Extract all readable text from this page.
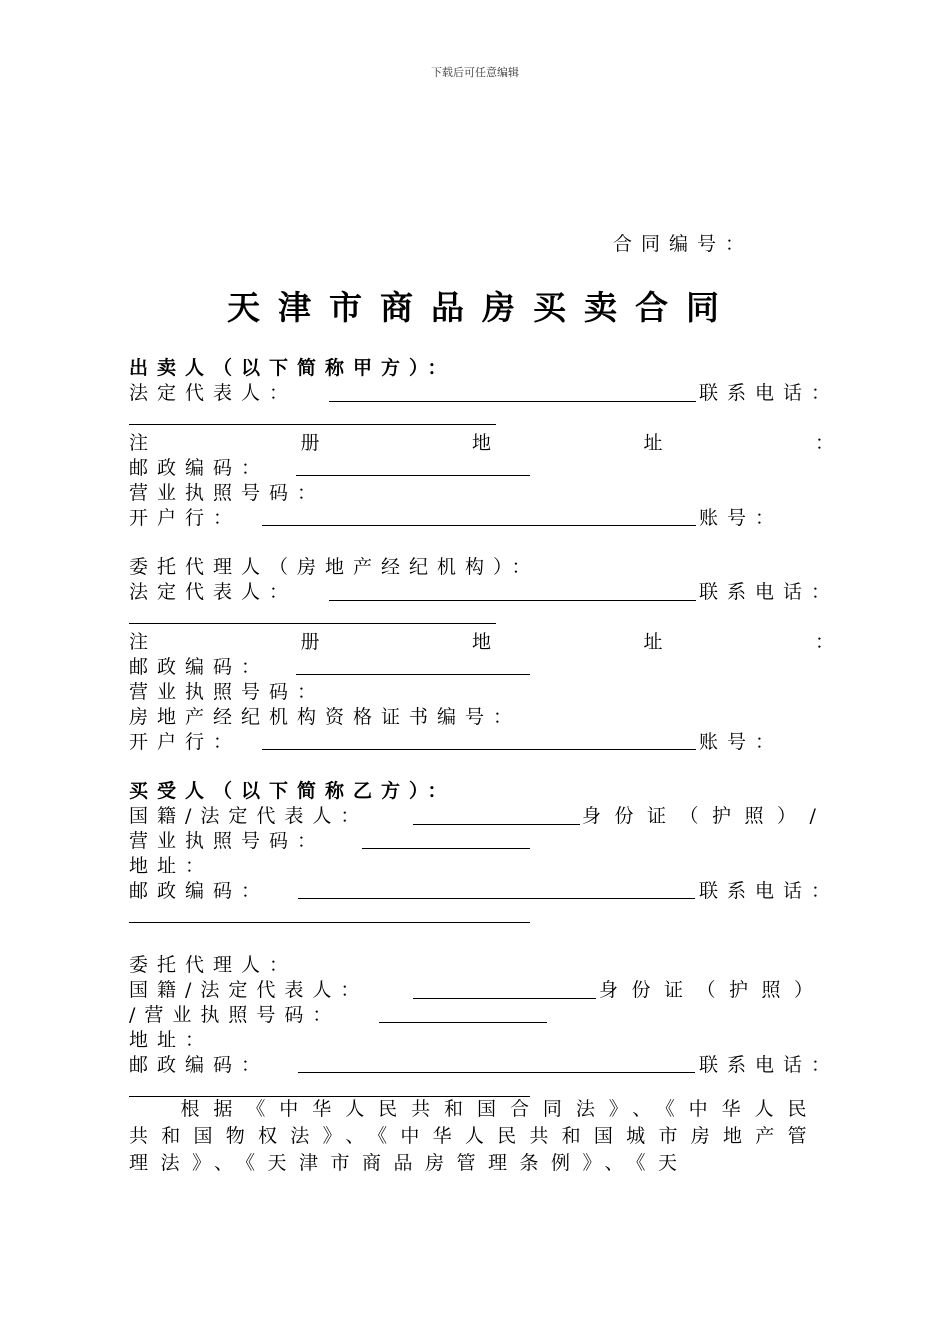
下载后可任意编辑
合同编号：
天津市商品房买卖合同
出卖人（以下简称甲方）：
法定代表人：	联系电话：
注	册	地	址	：
邮政编码：
营业执照号码：
开户行：	账号：
委托代理人（房地产经纪机构）：
法定代表人：	联系电话：
注	册	地	址	：
邮政编码：
营业执照号码：
房地产经纪机构资格证书编号：
开户行：	账号：
买受人（以下简称乙方）：
国籍/法定代表人：	身份证（护照）/
营业执照号码：
地址：
邮政编码：	联系电话：
委托代理人：
国籍/法定代表人：	身份证（护照）
/营业执照号码：
地址：
邮政编码：	联系电话：
根据《中华人民共和国合同法》、《中华人民共和国物权法》、《中华人民共和国城市房地产管理法》、《天津市商品房管理条例》、《天
